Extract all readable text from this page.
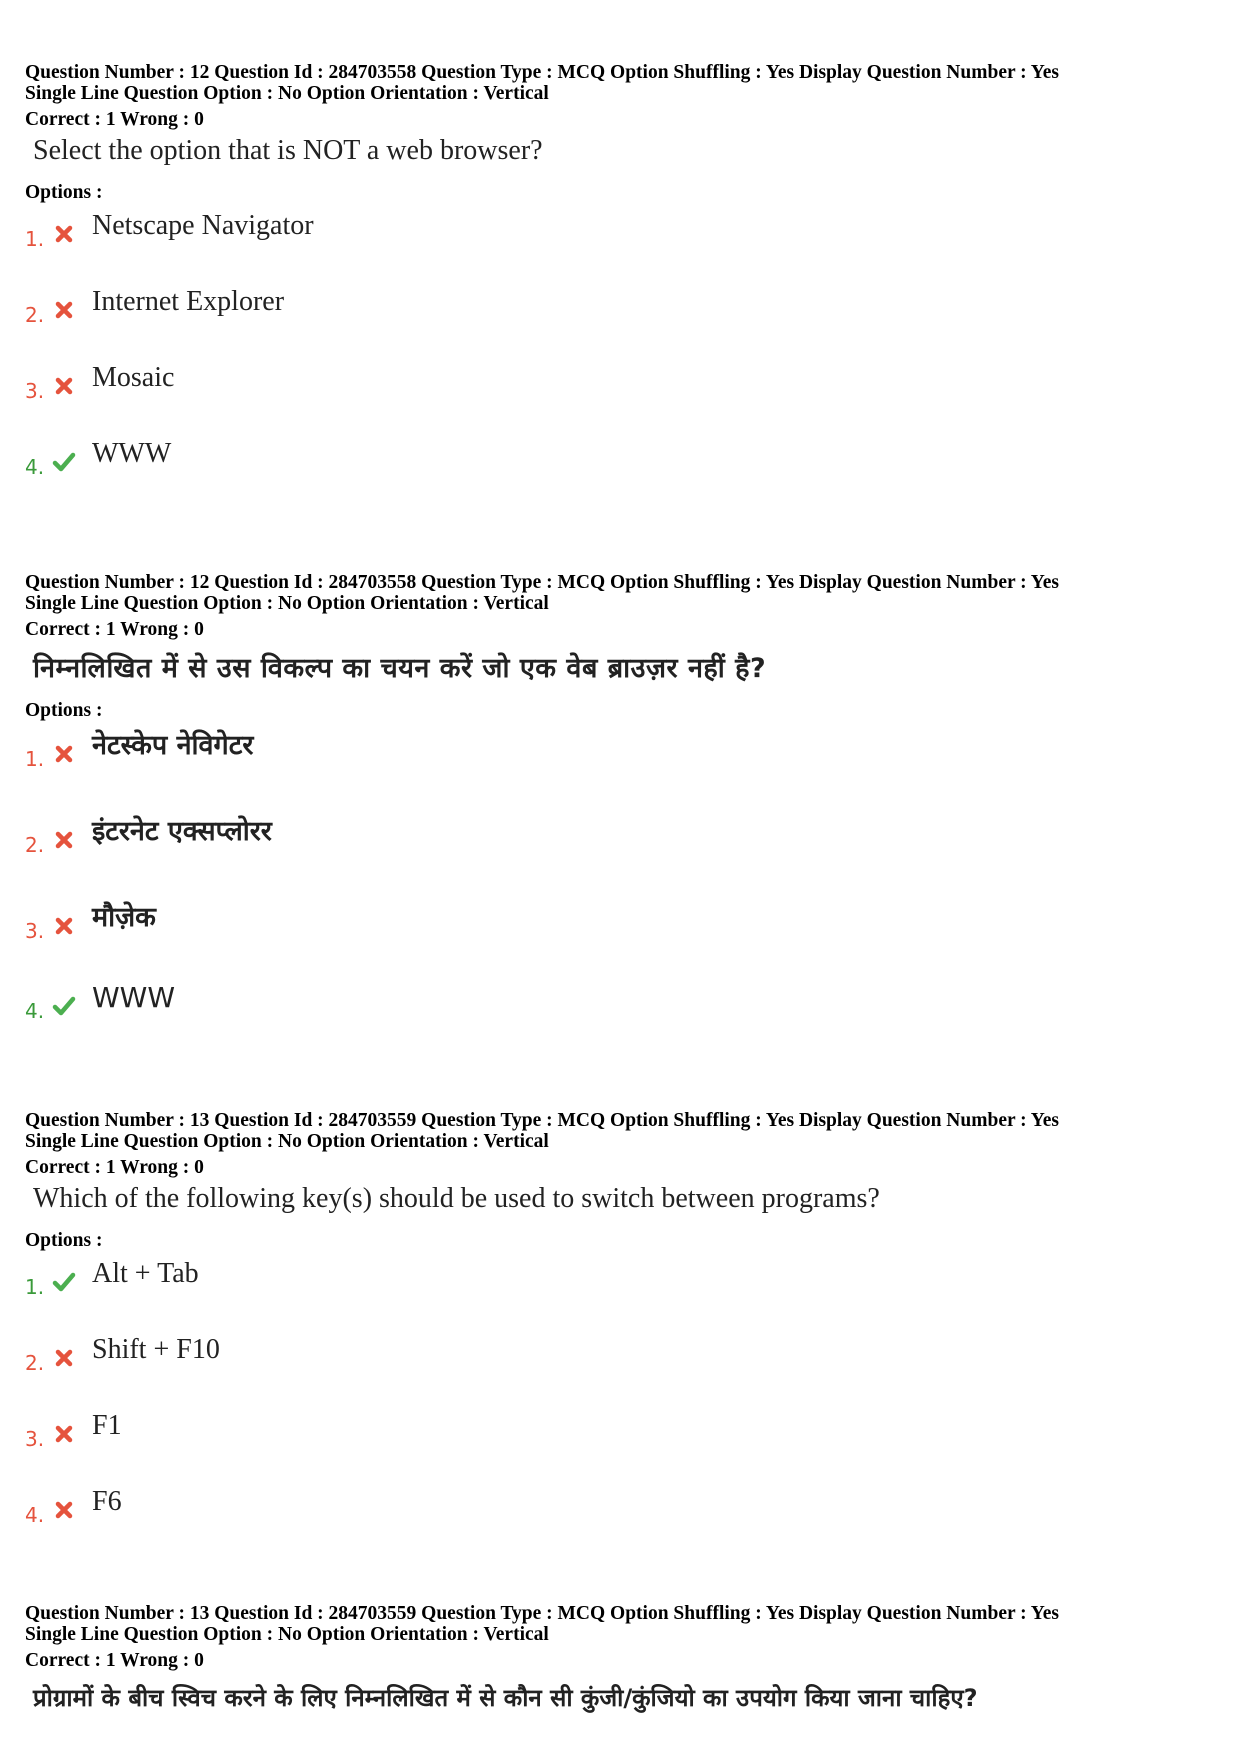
Question Number : 12 Question Id : 284703558 Question Type : MCQ Option Shuffling : Yes Display Question Number : Yes
Single Line Question Option : No Option Orientation : Vertical
Correct : 1 Wrong : 0
Select the option that is NOT a web browser?
Options :
1. Netscape Navigator
2. Internet Explorer
3. Mosaic
4. WWW
Question Number : 12 Question Id : 284703558 Question Type : MCQ Option Shuffling : Yes Display Question Number : Yes
Single Line Question Option : No Option Orientation : Vertical
Correct : 1 Wrong : 0
निम्नलिखित में से उस विकल्प का चयन करें जो एक वेब ब्राउज़र नहीं है?
Options :
1. नेटस्केप नेविगेटर
2. इंटरनेट एक्सप्लोरर
3. मौज़ेक
4. WWW
Question Number : 13 Question Id : 284703559 Question Type : MCQ Option Shuffling : Yes Display Question Number : Yes
Single Line Question Option : No Option Orientation : Vertical
Correct : 1 Wrong : 0
Which of the following key(s) should be used to switch between programs?
Options :
1. Alt + Tab
2. Shift + F10
3. F1
4. F6
Question Number : 13 Question Id : 284703559 Question Type : MCQ Option Shuffling : Yes Display Question Number : Yes
Single Line Question Option : No Option Orientation : Vertical
Correct : 1 Wrong : 0
प्रोग्रामों के बीच स्विच करने के लिए निम्नलिखित में से कौन सी कुंजी/कुंजियो का उपयोग किया जाना चाहिए?
